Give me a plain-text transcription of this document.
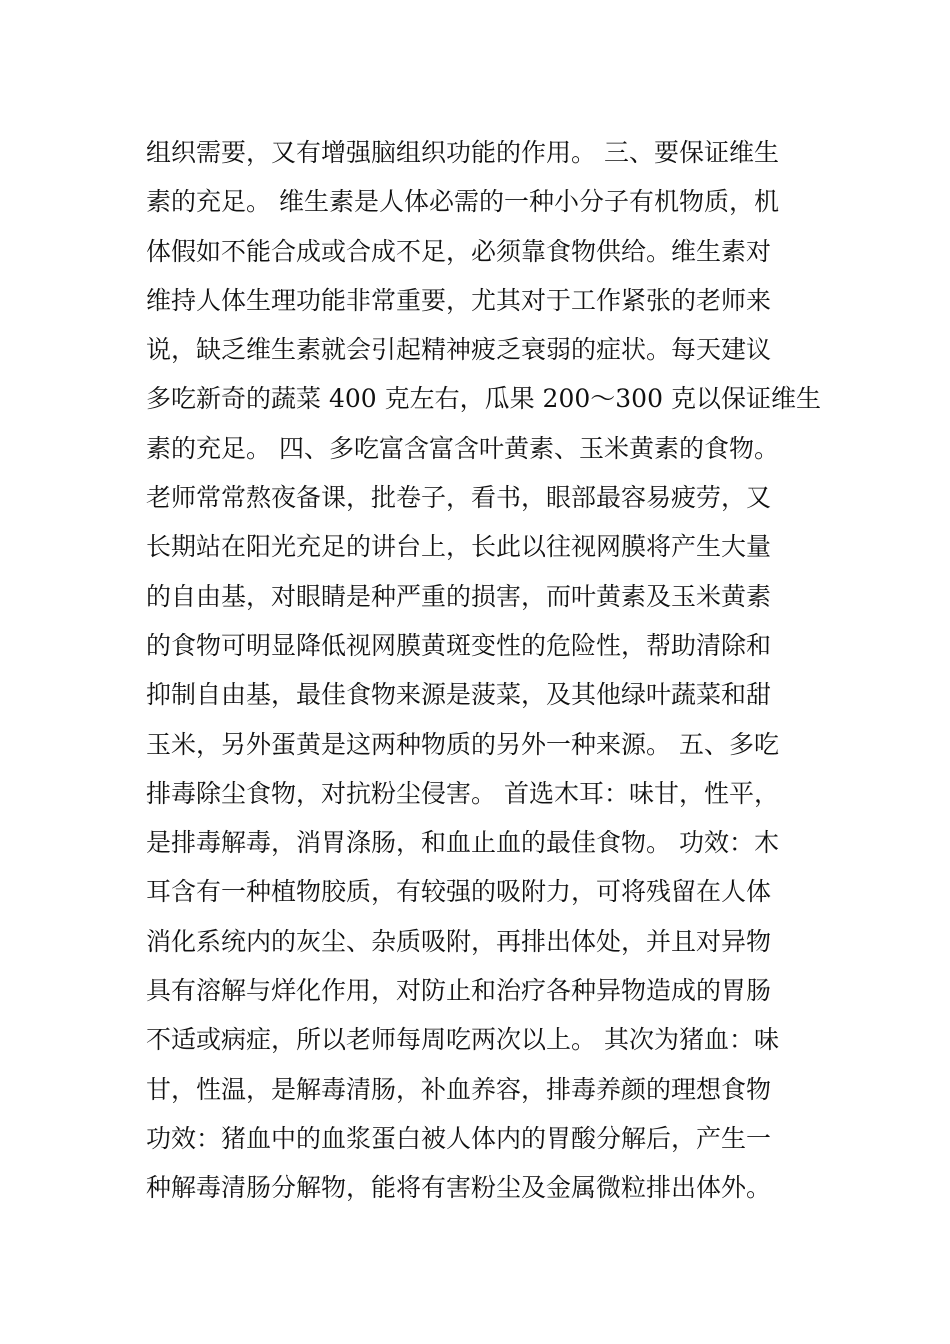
组织需要，又有增强脑组织功能的作用。 三、要保证维生
素的充足。 维生素是人体必需的一种小分子有机物质，机
体假如不能合成或合成不足，必须靠食物供给。维生素对
维持人体生理功能非常重要，尤其对于工作紧张的老师来
说，缺乏维生素就会引起精神疲乏衰弱的症状。每天建议
多吃新奇的蔬菜 400 克左右，瓜果 200～300 克以保证维生
素的充足。 四、多吃富含富含叶黄素、玉米黄素的食物。
老师常常熬夜备课，批卷子，看书，眼部最容易疲劳，又
长期站在阳光充足的讲台上，长此以往视网膜将产生大量
的自由基，对眼睛是种严重的损害，而叶黄素及玉米黄素
的食物可明显降低视网膜黄斑变性的危险性，帮助清除和
抑制自由基，最佳食物来源是菠菜，及其他绿叶蔬菜和甜
玉米，另外蛋黄是这两种物质的另外一种来源。 五、多吃
排毒除尘食物，对抗粉尘侵害。 首选木耳：味甘，性平，
是排毒解毒，消胃涤肠，和血止血的最佳食物。 功效：木
耳含有一种植物胶质，有较强的吸附力，可将残留在人体
消化系统内的灰尘、杂质吸附，再排出体处，并且对异物
具有溶解与烊化作用，对防止和治疗各种异物造成的胃肠
不适或病症，所以老师每周吃两次以上。 其次为猪血：味
甘，性温，是解毒清肠，补血养容，排毒养颜的理想食物
功效：猪血中的血浆蛋白被人体内的胃酸分解后，产生一
种解毒清肠分解物，能将有害粉尘及金属微粒排出体外。
